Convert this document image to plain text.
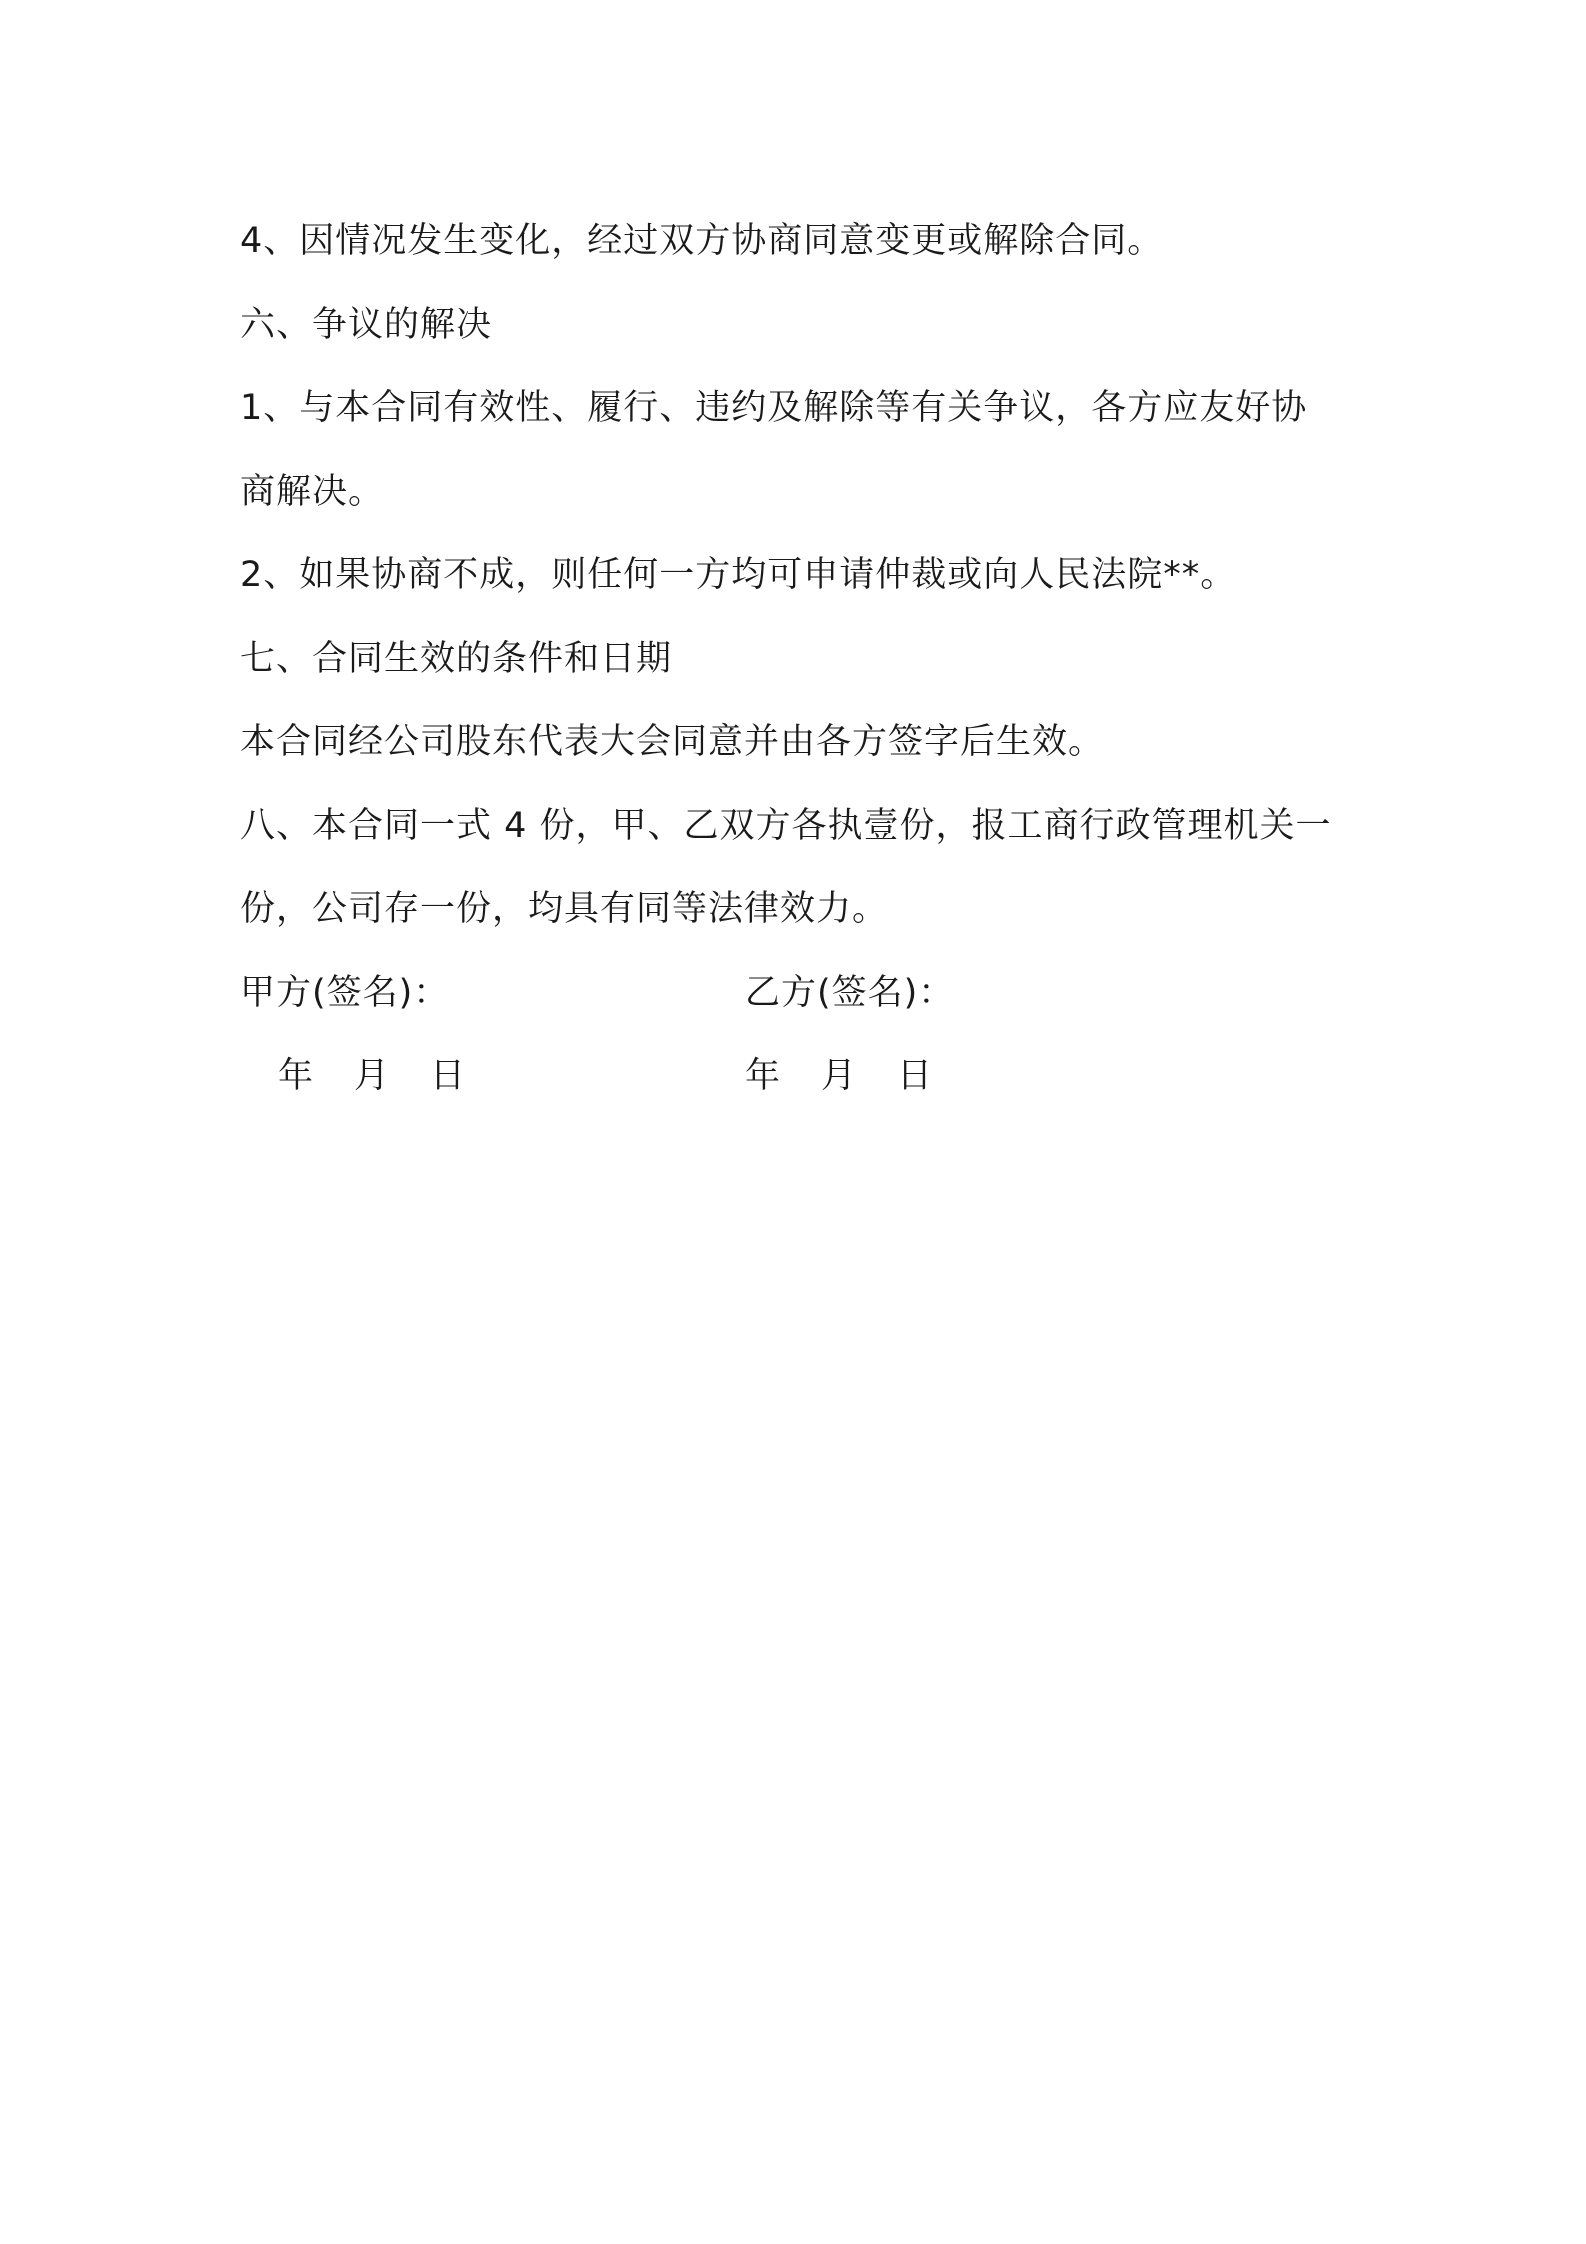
4、因情况发生变化，经过双方协商同意变更或解除合同。
六、争议的解决
1、与本合同有效性、履行、违约及解除等有关争议，各方应友好协
商解决。
2、如果协商不成，则任何一方均可申请仲裁或向人民法院**。
七、合同生效的条件和日期
本合同经公司股东代表大会同意并由各方签字后生效。
八、本合同一式 4 份，甲、乙双方各执壹份，报工商行政管理机关一
份，公司存一份，均具有同等法律效力。
甲方(签名)：	乙方(签名)：
年 月 日	年 月 日
